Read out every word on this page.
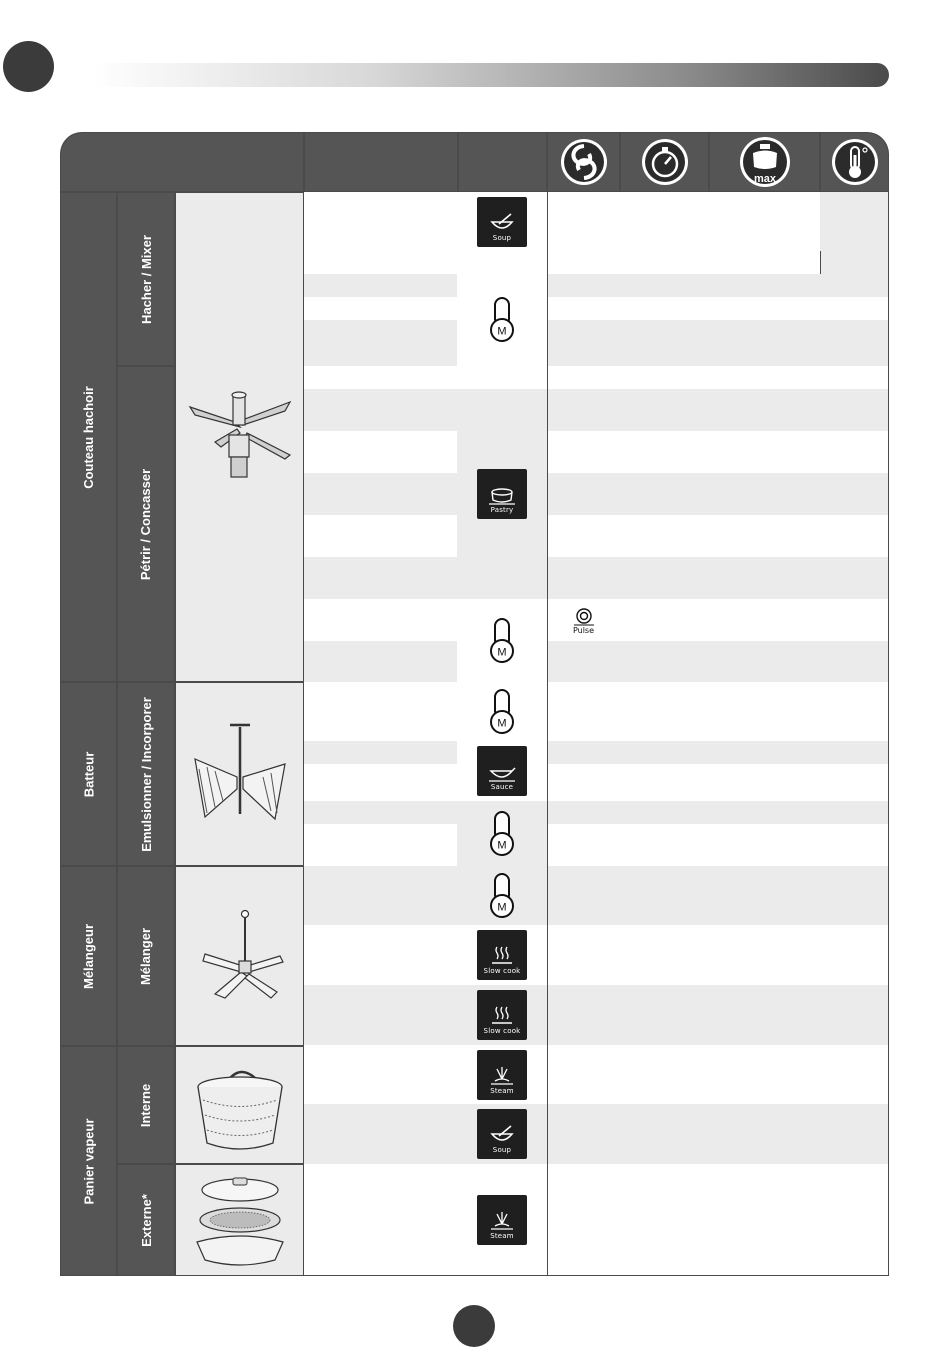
max
Couteau hachoir
Batteur
Mélangeur
Panier vapeur
Hacher / Mixer
Pétrir / Concasser
Emulsionner / Incorporer
Mélanger
Interne
Externe*
Soup
M
Pastry
M
M
Sauce
M
M
Slow cook
Slow cook
Steam
Soup
Steam
Pulse
